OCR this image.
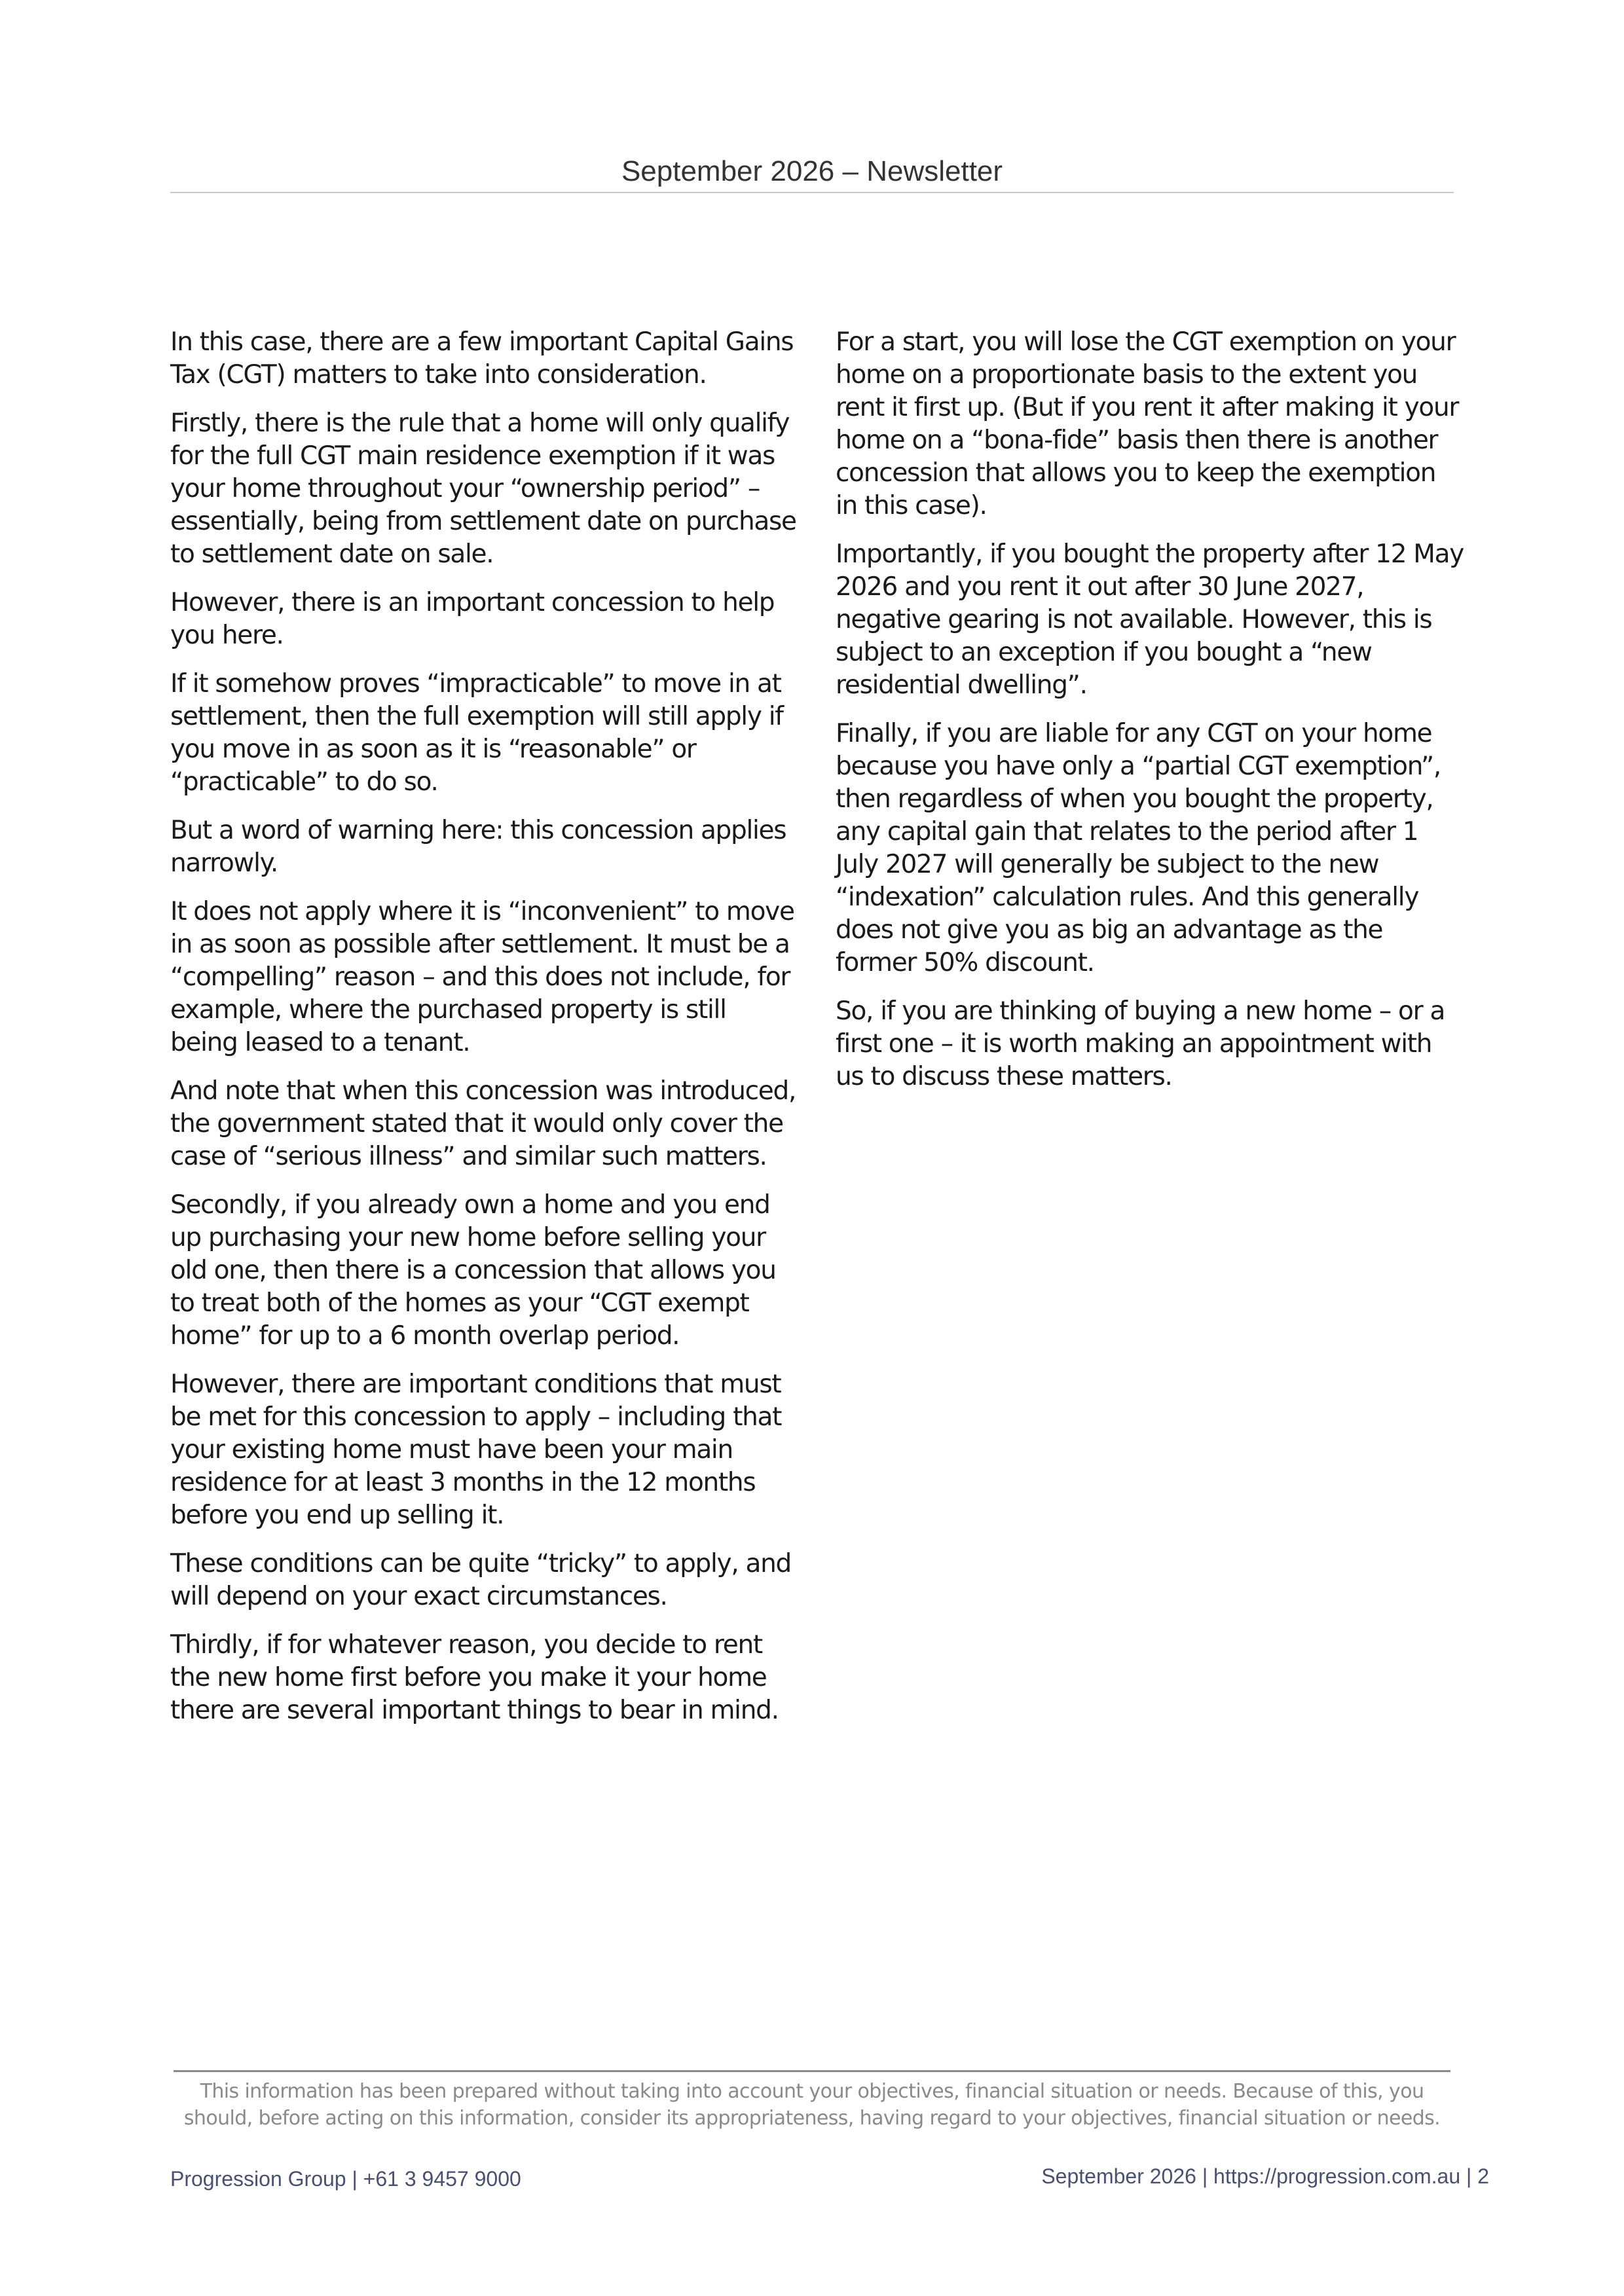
September 2026 – Newsletter

In this case, there are a few important Capital Gains Tax (CGT) matters to take into consideration.

Firstly, there is the rule that a home will only qualify for the full CGT main residence exemption if it was your home throughout your “ownership period” – essentially, being from settlement date on purchase to settlement date on sale.

However, there is an important concession to help you here.

If it somehow proves “impracticable” to move in at settlement, then the full exemption will still apply if you move in as soon as it is “reasonable” or “practicable” to do so.

But a word of warning here: this concession applies narrowly.

It does not apply where it is “inconvenient” to move in as soon as possible after settlement. It must be a “compelling” reason – and this does not include, for example, where the purchased property is still being leased to a tenant.

And note that when this concession was introduced, the government stated that it would only cover the case of “serious illness” and similar such matters.

Secondly, if you already own a home and you end up purchasing your new home before selling your old one, then there is a concession that allows you to treat both of the homes as your “CGT exempt home” for up to a 6 month overlap period.

However, there are important conditions that must be met for this concession to apply – including that your existing home must have been your main residence for at least 3 months in the 12 months before you end up selling it.

These conditions can be quite “tricky” to apply, and will depend on your exact circumstances.

Thirdly, if for whatever reason, you decide to rent the new home first before you make it your home there are several important things to bear in mind.

For a start, you will lose the CGT exemption on your home on a proportionate basis to the extent you rent it first up. (But if you rent it after making it your home on a “bona-fide” basis then there is another concession that allows you to keep the exemption in this case).

Importantly, if you bought the property after 12 May 2026 and you rent it out after 30 June 2027, negative gearing is not available. However, this is subject to an exception if you bought a “new residential dwelling”.

Finally, if you are liable for any CGT on your home because you have only a “partial CGT exemption”, then regardless of when you bought the property, any capital gain that relates to the period after 1 July 2027 will generally be subject to the new “indexation” calculation rules. And this generally does not give you as big an advantage as the former 50% discount.

So, if you are thinking of buying a new home – or a first one – it is worth making an appointment with us to discuss these matters.

This information has been prepared without taking into account your objectives, financial situation or needs. Because of this, you
should, before acting on this information, consider its appropriateness, having regard to your objectives, financial situation or needs.
Progression Group | +61 3 9457 9000	September 2026 | https://progression.com.au | 2
